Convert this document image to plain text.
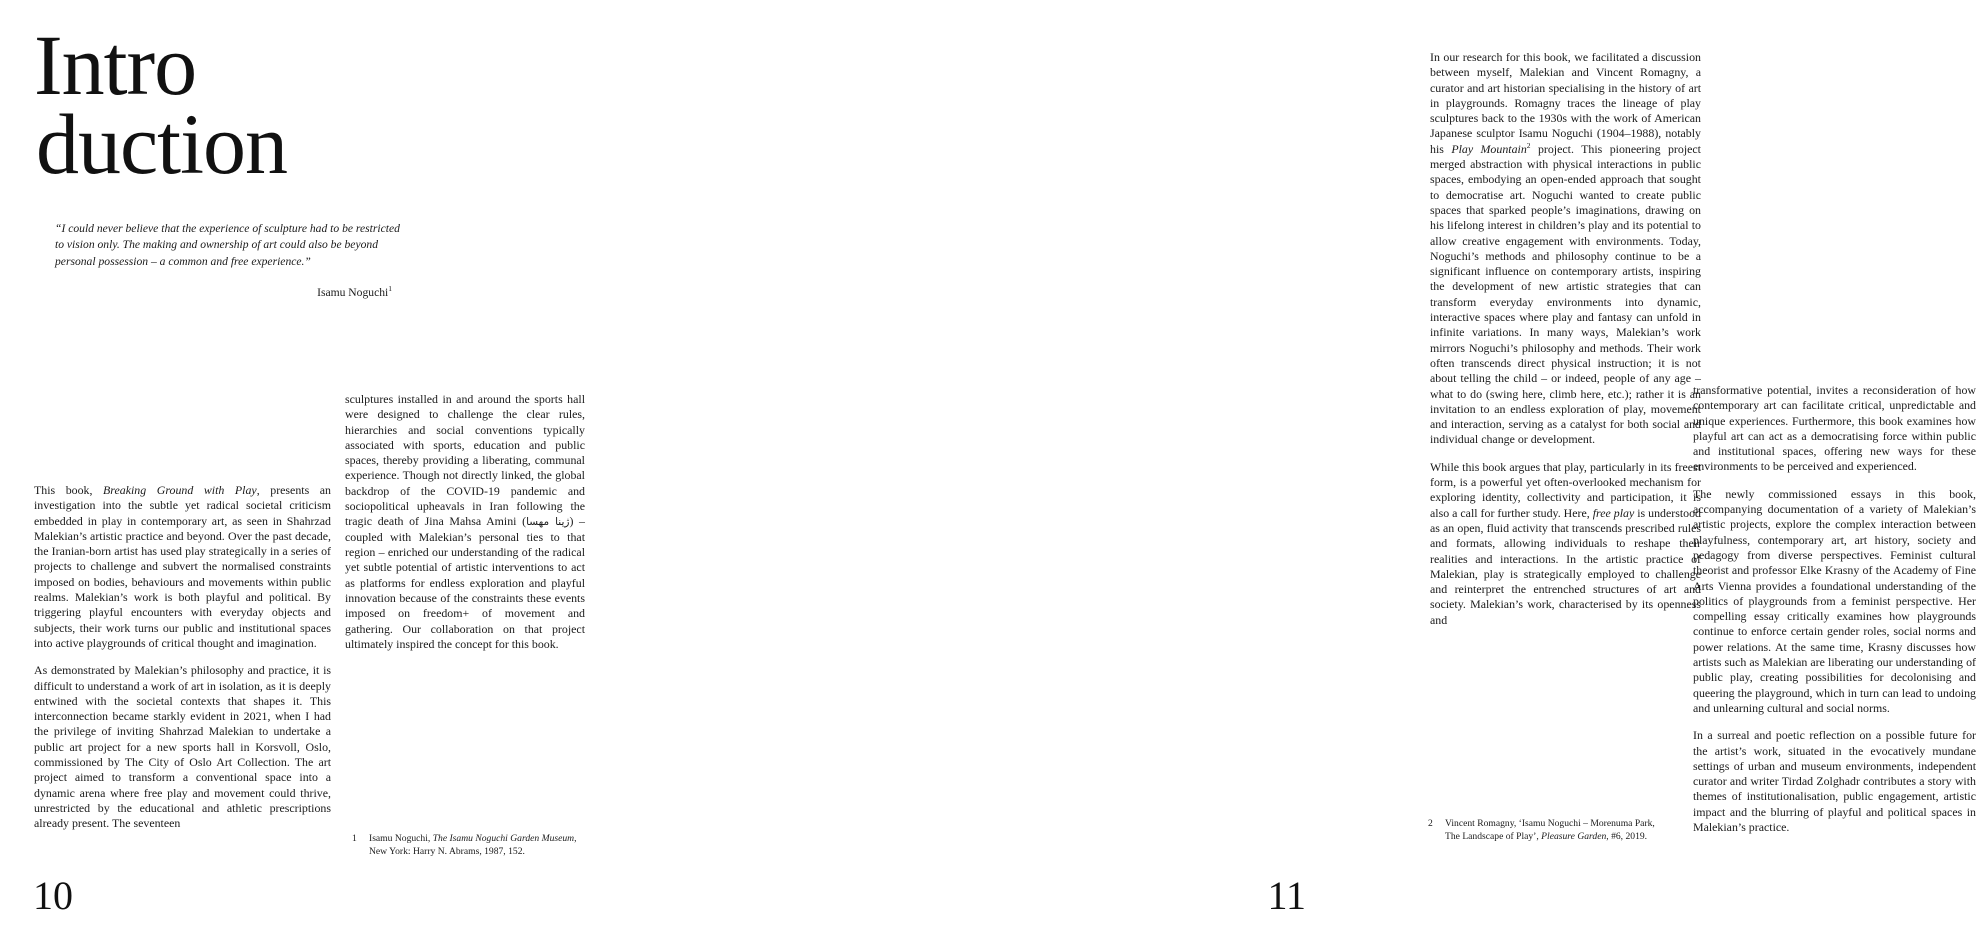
Intro
duction
“I could never believe that the experience of sculpture had to be restricted to vision only. The making and ownership of art could also be beyond personal possession – a common and free experience.”
Isamu Noguchi$^1$

This book, Breaking Ground with Play, presents an investigation into the subtle yet radical societal criticism embedded in play in contemporary art, as seen in Shahrzad Malekian’s artistic practice and beyond. Over the past decade, the Iranian-born artist has used play strategically in a series of projects to challenge and subvert the normalised constraints imposed on bodies, behaviours and movements within public realms. Malekian’s work is both playful and political. By triggering playful encounters with everyday objects and subjects, their work turns our public and institutional spaces into active playgrounds of critical thought and imagination.

As demonstrated by Malekian’s philosophy and practice, it is difficult to understand a work of art in isolation, as it is deeply entwined with the societal contexts that shapes it. This interconnection became starkly evident in 2021, when I had the privilege of inviting Shahrzad Malekian to undertake a public art project for a new sports hall in Korsvoll, Oslo, commissioned by The City of Oslo Art Collection. The art project aimed to transform a conventional space into a dynamic arena where free play and movement could thrive, unrestricted by the educational and athletic prescriptions already present. The seventeen

sculptures installed in and around the sports hall were designed to challenge the clear rules, hierarchies and social conventions typically associated with sports, education and public spaces, thereby providing a liberating, communal experience. Though not directly linked, the global backdrop of the COVID-19 pandemic and sociopolitical upheavals in Iran following the tragic death of Jina Mahsa Amini (ژینا مهسا) – coupled with Malekian’s personal ties to that region – enriched our understanding of the radical yet subtle potential of artistic interventions to act as platforms for endless exploration and playful innovation because of the constraints these events imposed on freedom+ of movement and gathering. Our collaboration on that project ultimately inspired the concept for this book.

1	Isamu Noguchi, The Isamu Noguchi Garden Museum, New York: Harry N. Abrams, 1987, 152.
10

In our research for this book, we facilitated a discussion between myself, Malekian and Vincent Romagny, a curator and art historian specialising in the history of art in playgrounds. Romagny traces the lineage of play sculptures back to the 1930s with the work of American Japanese sculptor Isamu Noguchi (1904–1988), notably his Play Mountain$^2$ project. This pioneering project merged abstraction with physical interactions in public spaces, embodying an open-ended approach that sought to democratise art. Noguchi wanted to create public spaces that sparked people’s imaginations, drawing on his lifelong interest in children’s play and its potential to allow creative engagement with environments. Today, Noguchi’s methods and philosophy continue to be a significant influence on contemporary artists, inspiring the development of new artistic strategies that can transform everyday environments into dynamic, interactive spaces where play and fantasy can unfold in infinite variations. In many ways, Malekian’s work mirrors Noguchi’s philosophy and methods. Their work often transcends direct physical instruction; it is not about telling the child – or indeed, people of any age – what to do (swing here, climb here, etc.); rather it is an invitation to an endless exploration of play, movement and interaction, serving as a catalyst for both social and individual change or development.

While this book argues that play, particularly in its freest form, is a powerful yet often-overlooked mechanism for exploring identity, collectivity and participation, it is also a call for further study. Here, free play is understood as an open, fluid activity that transcends prescribed rules and formats, allowing individuals to reshape their realities and interactions. In the artistic practice of Malekian, play is strategically employed to challenge and reinterpret the entrenched structures of art and society. Malekian’s work, characterised by its openness and

transformative potential, invites a reconsideration of how contemporary art can facilitate critical, unpredictable and unique experiences. Furthermore, this book examines how playful art can act as a democratising force within public and institutional spaces, offering new ways for these environments to be perceived and experienced.

The newly commissioned essays in this book, accompanying documentation of a variety of Malekian’s artistic projects, explore the complex interaction between playfulness, contemporary art, art history, society and pedagogy from diverse perspectives. Feminist cultural theorist and professor Elke Krasny of the Academy of Fine Arts Vienna provides a foundational understanding of the politics of playgrounds from a feminist perspective. Her compelling essay critically examines how playgrounds continue to enforce certain gender roles, social norms and power relations. At the same time, Krasny discusses how artists such as Malekian are liberating our understanding of public play, creating possibilities for decolonising and queering the playground, which in turn can lead to undoing and unlearning cultural and social norms.

In a surreal and poetic reflection on a possible future for the artist’s work, situated in the evocatively mundane settings of urban and museum environments, independent curator and writer Tirdad Zolghadr contributes a story with themes of institutionalisation, public engagement, artistic impact and the blurring of playful and political spaces in Malekian’s practice.

2	Vincent Romagny, ‘Isamu Noguchi – Morenuma Park, The Landscape of Play’, Pleasure Garden, #6, 2019.
11
